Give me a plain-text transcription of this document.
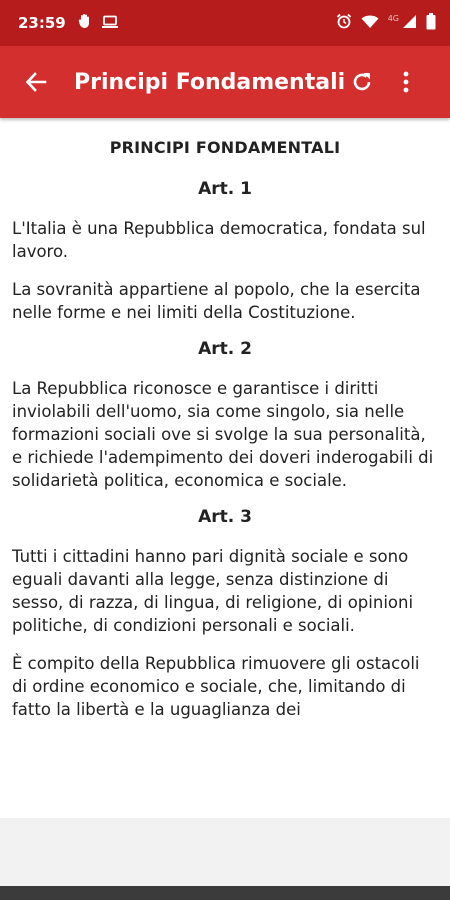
23:59	4G
Principi Fondamentali
PRINCIPI FONDAMENTALI
Art. 1

L'Italia è una Repubblica democratica, fondata sul lavoro.

La sovranità appartiene al popolo, che la esercita nelle forme e nei limiti della Costituzione.

Art. 2

La Repubblica riconosce e garantisce i diritti inviolabili dell'uomo, sia come singolo, sia nelle formazioni sociali ove si svolge la sua personalità, e richiede l'adempimento dei doveri inderogabili di solidarietà politica, economica e sociale.

Art. 3

Tutti i cittadini hanno pari dignità sociale e sono eguali davanti alla legge, senza distinzione di sesso, di razza, di lingua, di religione, di opinioni politiche, di condizioni personali e sociali.

È compito della Repubblica rimuovere gli ostacoli di ordine economico e sociale, che, limitando di fatto la libertà e la uguaglianza dei
